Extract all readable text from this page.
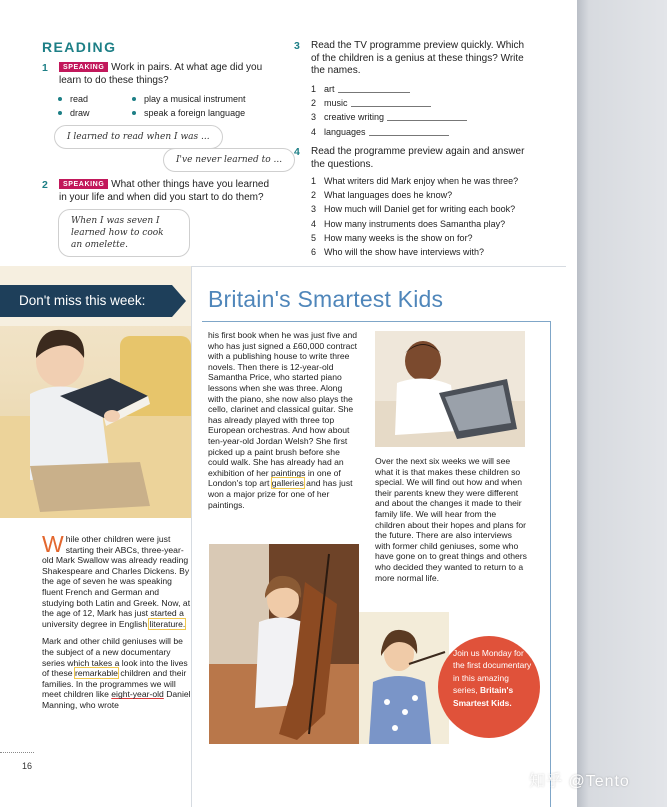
READING
1	SPEAKING Work in pairs. At what age did you learn to do these things?
read
draw
play a musical instrument
speak a foreign language
I learned to read when I was ...
I've never learned to ...
2	SPEAKING What other things have you learned in your life and when did you start to do them?
When I was seven I learned how to cook an omelette.
3 Read the TV programme preview quickly. Which of the children is a genius at these things? Write the names.
1 art
2 music
3 creative writing
4 languages
4 Read the programme preview again and answer the questions.
1 What writers did Mark enjoy when he was three?
2 What languages does he know?
3 How much will Daniel get for writing each book?
4 How many instruments does Samantha play?
5 How many weeks is the show on for?
6 Who will the show have interviews with?
Don't miss this week:	Britain's Smartest Kids

While other children were just starting their ABCs, three-year-old Mark Swallow was already reading Shakespeare and Charles Dickens. By the age of seven he was speaking fluent French and German and studying both Latin and Greek. Now, at the age of 12, Mark has just started a university degree in English literature.

Mark and other child geniuses will be the subject of a new documentary series which takes a look into the lives of these remarkable children and their families. In the programmes we will meet children like eight-year-old Daniel Manning, who wrote

his first book when he was just five and who has just signed a £60,000 contract with a publishing house to write three novels. Then there is 12-year-old Samantha Price, who started piano lessons when she was three. Along with the piano, she now also plays the cello, clarinet and classical guitar. She has already played with three top European orchestras. And how about ten-year-old Jordan Welsh? She first picked up a paint brush before she could walk. She has already had an exhibition of her paintings in one of London's top art galleries and has just won a major prize for one of her paintings.

Over the next six weeks we will see what it is that makes these children so special. We will find out how and when their parents knew they were different and about the changes it made to their family life. We will hear from the children about their hopes and plans for the future. There are also interviews with former child geniuses, some who have gone on to great things and others who decided they wanted to return to a more normal life.

Join us Monday for the first documentary in this amazing series, Britain's Smartest Kids.
16
知乎 @Tento
